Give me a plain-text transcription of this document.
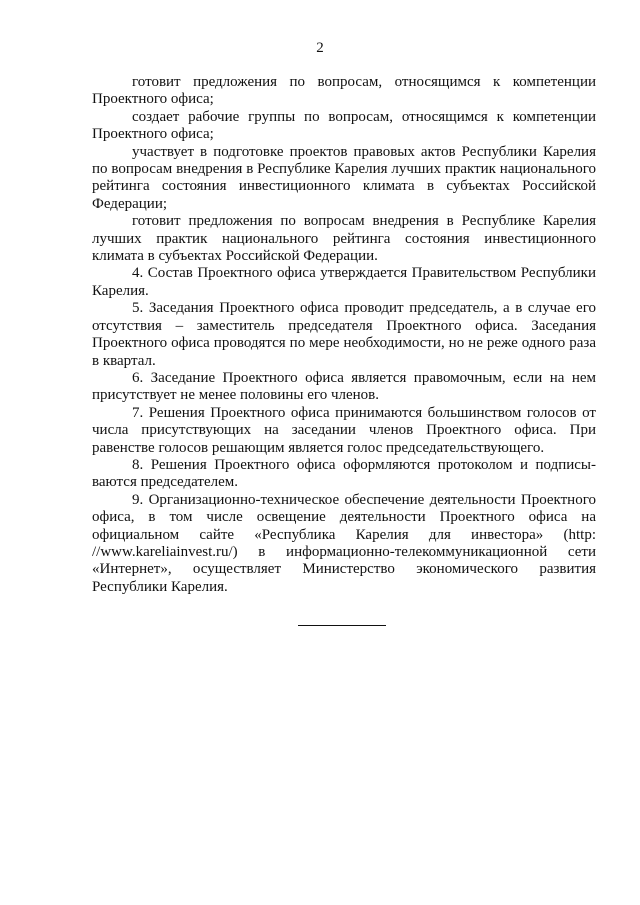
2

готовит предложения по вопросам, относящимся к компетенции Проектного офиса;

создает рабочие группы по вопросам, относящимся к компетенции Проектного офиса;

участвует в подготовке проектов правовых актов Республики Карелия по вопросам внедрения в Республике Карелия лучших практик национального рейтинга состояния инвестиционного климата в субъектах Российской Федерации;

готовит предложения по вопросам внедрения в Республике Карелия лучших практик национального рейтинга состояния инвестиционного климата в субъектах Российской Федерации.

4. Состав Проектного офиса утверждается Правительством Республики Карелия.

5. Заседания Проектного офиса проводит председатель, а в случае его отсутствия – заместитель председателя Проектного офиса. Заседания Проектного офиса проводятся по мере необходимости, но не реже одного раза в квартал.

6. Заседание Проектного офиса является правомочным, если на нем присутствует не менее половины его членов.

7. Решения Проектного офиса принимаются большинством голосов от числа присутствующих на заседании членов Проектного офиса. При равенстве голосов решающим является голос председательствующего.

8. Решения Проектного офиса оформляются протоколом и подписываются председателем.

9. Организационно-техническое обеспечение деятельности Проектного офиса, в том числе освещение деятельности Проектного офиса на официальном сайте «Республика Карелия для инвестора» (http: //www.kareliainvest.ru/) в информационно-телекоммуникационной сети «Интернет», осуществляет Министерство экономического развития Республики Карелия.
